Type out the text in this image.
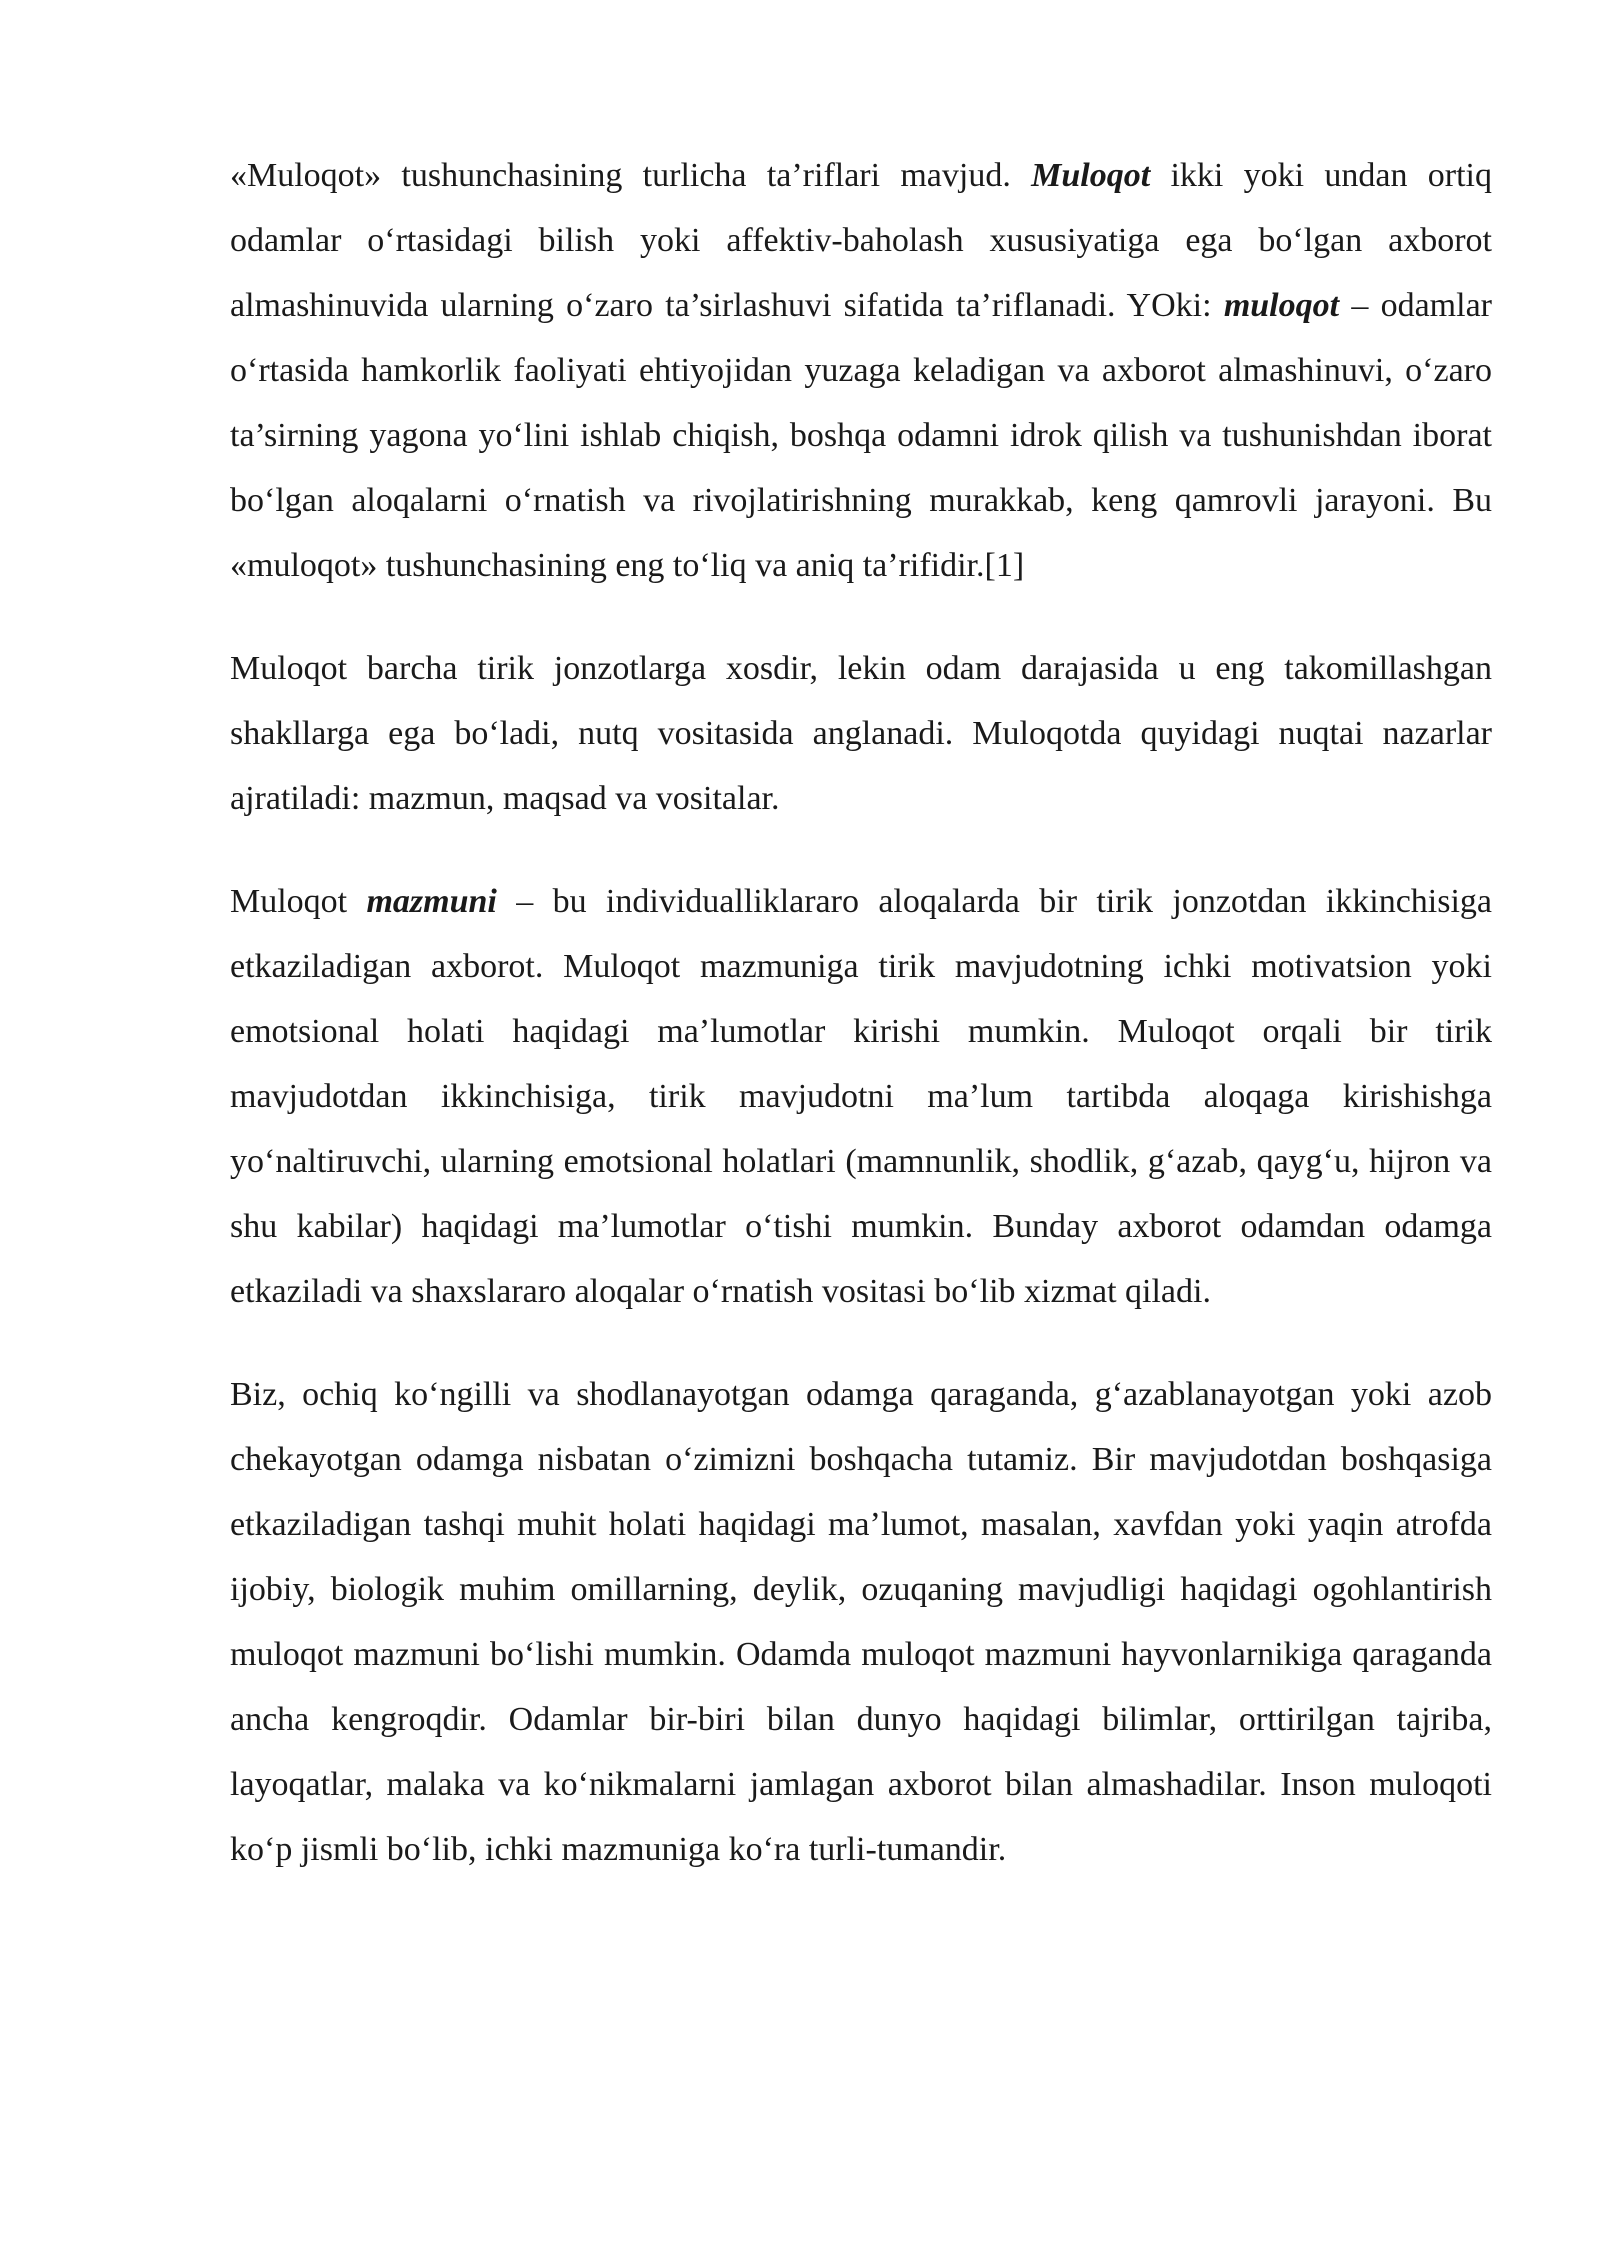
«Muloqot» tushunchasining turlicha ta’riflari mavjud. Muloqot ikki yoki undan ortiq odamlar o‘rtasidagi bilish yoki affektiv-baholash xususiyatiga ega bo‘lgan axborot almashinuvida ularning o‘zaro ta’sirlashuvi sifatida ta’riflanadi. YOki: muloqot – odamlar o‘rtasida hamkorlik faoliyati ehtiyojidan yuzaga keladigan va axborot almashinuvi, o‘zaro ta’sirning yagona yo‘lini ishlab chiqish, boshqa odamni idrok qilish va tushunishdan iborat bo‘lgan aloqalarni o‘rnatish va rivojlatirishning murakkab, keng qamrovli jarayoni. Bu «muloqot» tushunchasining eng to‘liq va aniq ta’rifidir.[1]

Muloqot barcha tirik jonzotlarga xosdir, lekin odam darajasida u eng takomillashgan shakllarga ega bo‘ladi, nutq vositasida anglanadi. Muloqotda quyidagi nuqtai nazarlar ajratiladi: mazmun, maqsad va vositalar.

Muloqot mazmuni – bu individualliklararo aloqalarda bir tirik jonzotdan ikkinchisiga etkaziladigan axborot. Muloqot mazmuniga tirik mavjudotning ichki motivatsion yoki emotsional holati haqidagi ma’lumotlar kirishi mumkin. Muloqot orqali bir tirik mavjudotdan ikkinchisiga, tirik mavjudotni ma’lum tartibda aloqaga kirishishga yo‘naltiruvchi, ularning emotsional holatlari (mamnunlik, shodlik, g‘azab, qayg‘u, hijron va shu kabilar) haqidagi ma’lumotlar o‘tishi mumkin. Bunday axborot odamdan odamga etkaziladi va shaxslararo aloqalar o‘rnatish vositasi bo‘lib xizmat qiladi.

Biz, ochiq ko‘ngilli va shodlanayotgan odamga qaraganda, g‘azablanayotgan yoki azob chekayotgan odamga nisbatan o‘zimizni boshqacha tutamiz. Bir mavjudotdan boshqasiga etkaziladigan tashqi muhit holati haqidagi ma’lumot, masalan, xavfdan yoki yaqin atrofda ijobiy, biologik muhim omillarning, deylik, ozuqaning mavjudligi haqidagi ogohlantirish muloqot mazmuni bo‘lishi mumkin. Odamda muloqot mazmuni hayvonlarnikiga qaraganda ancha kengroqdir. Odamlar bir-biri bilan dunyo haqidagi bilimlar, orttirilgan tajriba, layoqatlar, malaka va ko‘nikmalarni jamlagan axborot bilan almashadilar. Inson muloqoti ko‘p jismli bo‘lib, ichki mazmuniga ko‘ra turli-tumandir.
